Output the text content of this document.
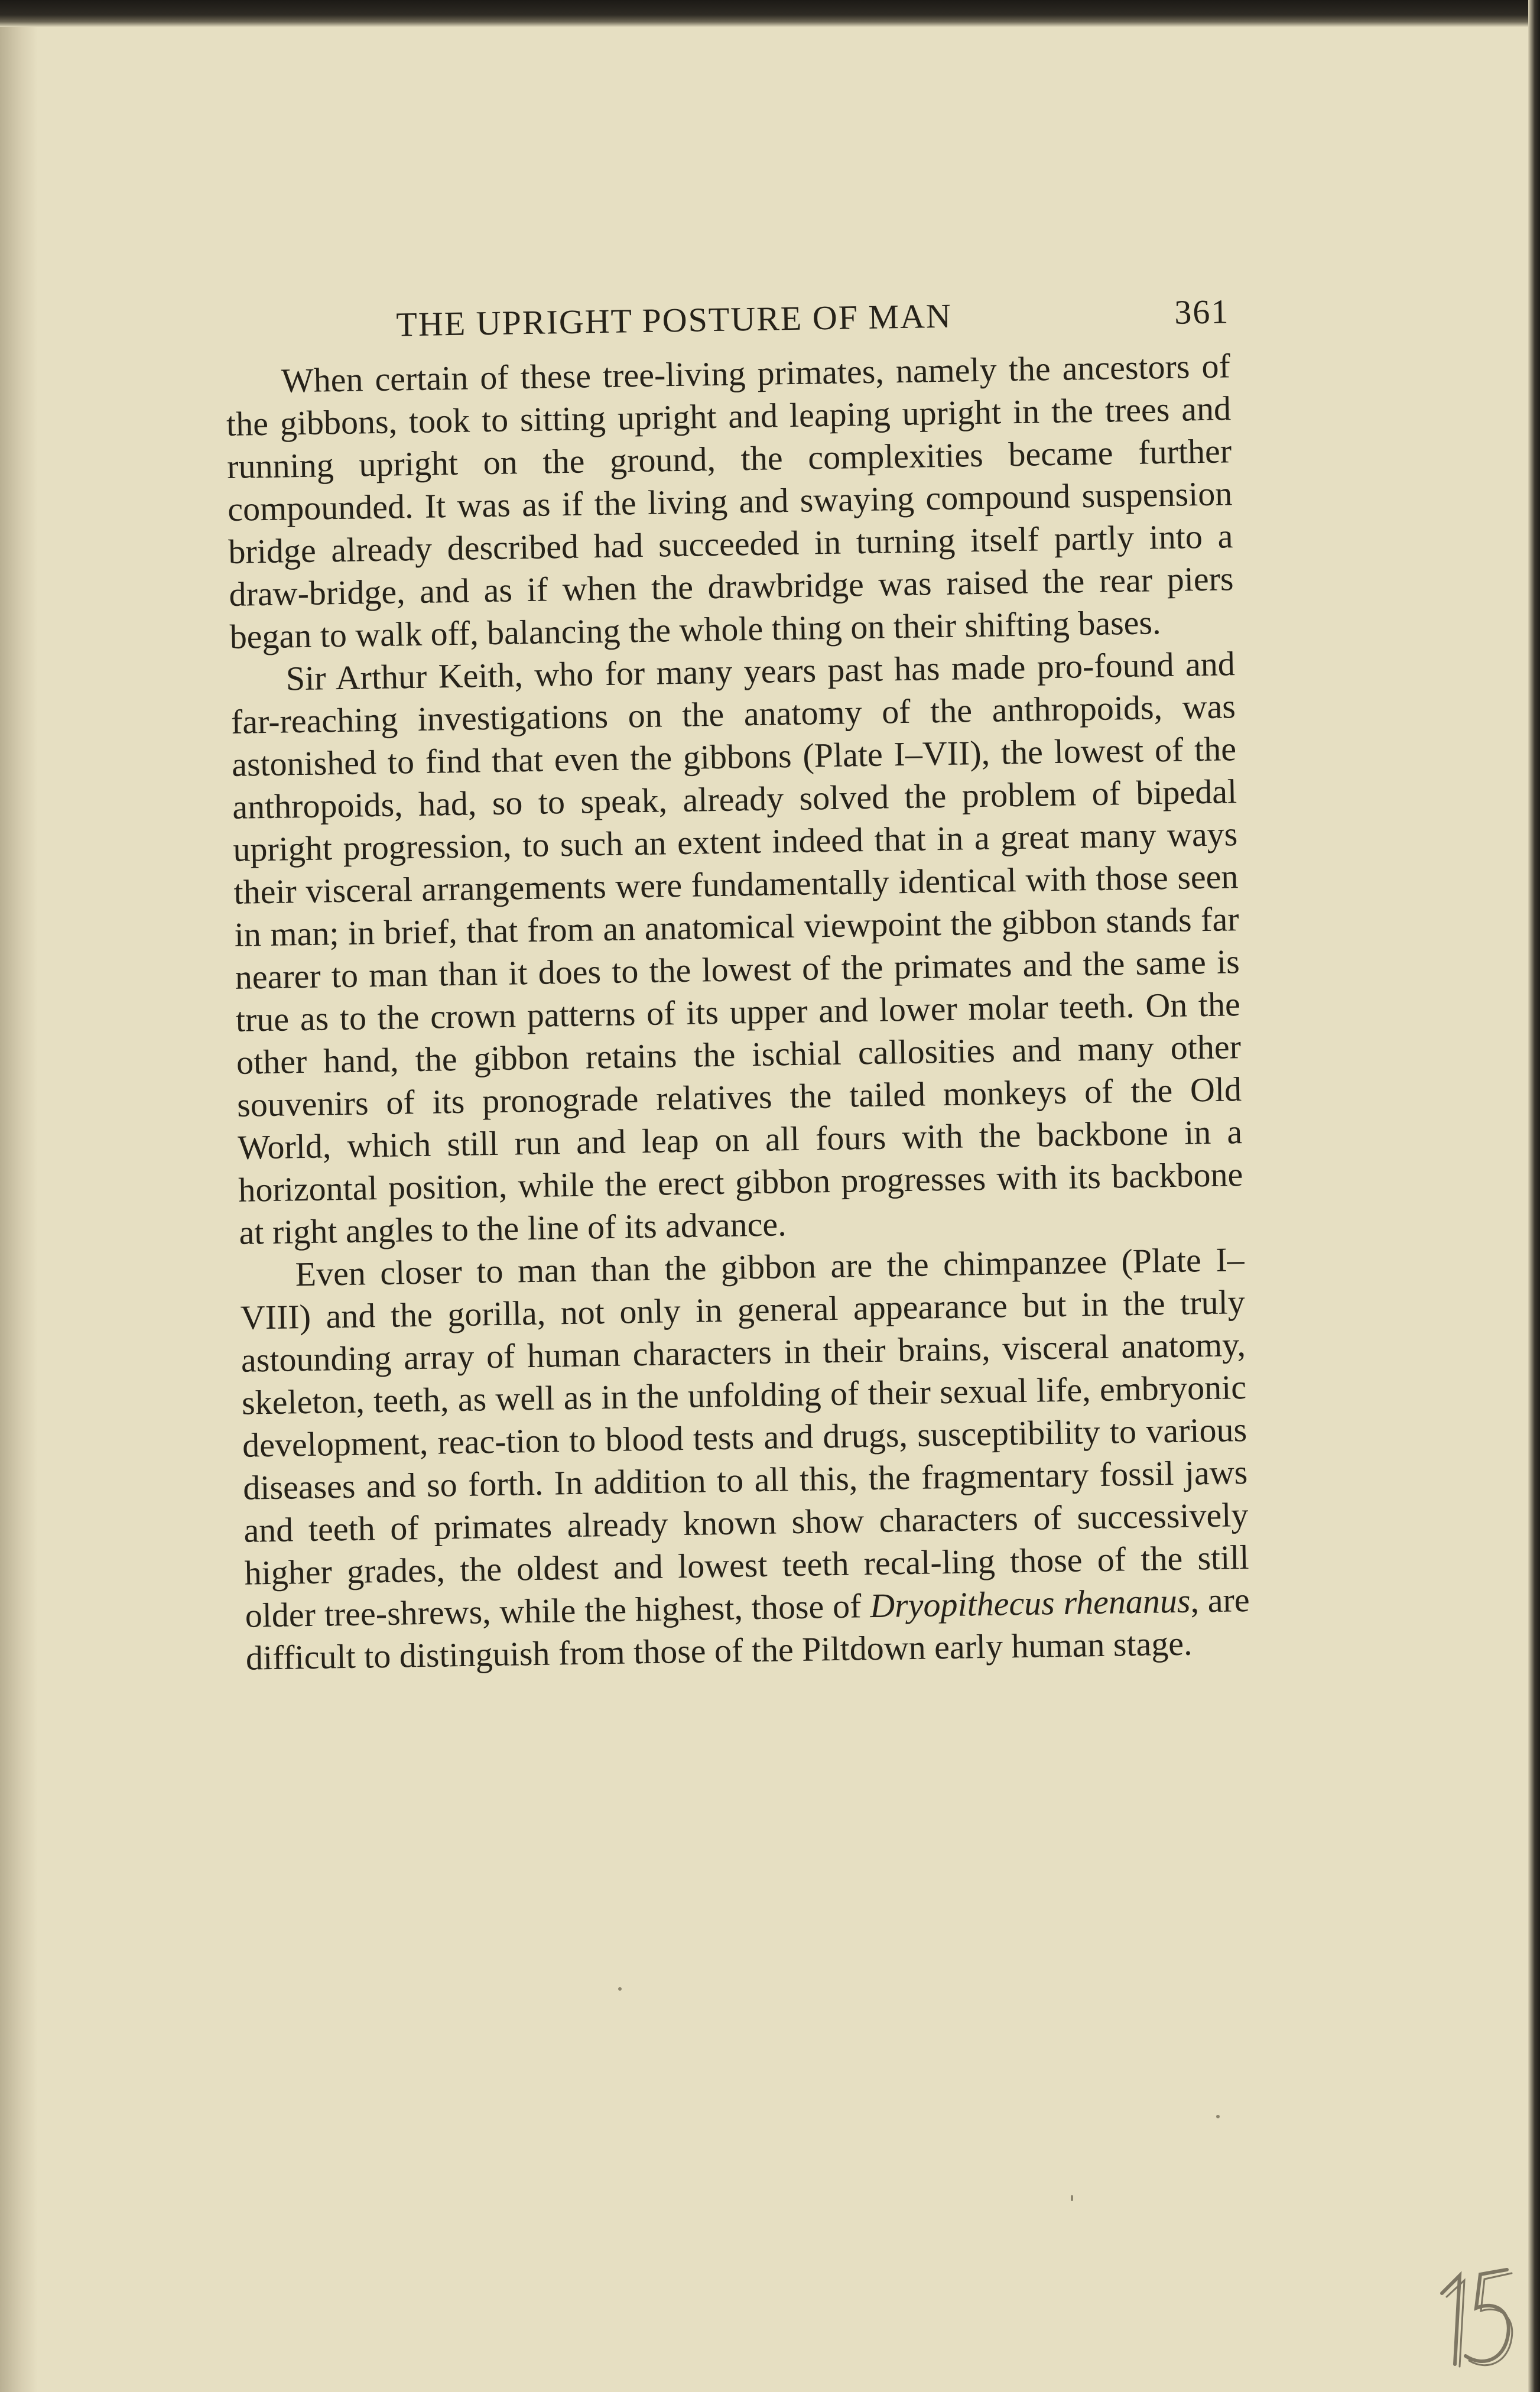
THE UPRIGHT POSTURE OF MAN	361

When certain of these tree-living primates, namely the ancestors of the gibbons, took to sitting upright and leaping upright in the trees and running upright on the ground, the complexities became further compounded. It was as if the living and swaying compound suspension bridge already described had succeeded in turning itself partly into a draw-bridge, and as if when the drawbridge was raised the rear piers began to walk off, balancing the whole thing on their shifting bases.

Sir Arthur Keith, who for many years past has made pro-found and far-reaching investigations on the anatomy of the anthropoids, was astonished to find that even the gibbons (Plate I–VII), the lowest of the anthropoids, had, so to speak, already solved the problem of bipedal upright progression, to such an extent indeed that in a great many ways their visceral arrangements were fundamentally identical with those seen in man; in brief, that from an anatomical viewpoint the gibbon stands far nearer to man than it does to the lowest of the primates and the same is true as to the crown patterns of its upper and lower molar teeth. On the other hand, the gibbon retains the ischial callosities and many other souvenirs of its pronograde relatives the tailed monkeys of the Old World, which still run and leap on all fours with the backbone in a horizontal position, while the erect gibbon progresses with its backbone at right angles to the line of its advance.

Even closer to man than the gibbon are the chimpanzee (Plate I–VIII) and the gorilla, not only in general appearance but in the truly astounding array of human characters in their brains, visceral anatomy, skeleton, teeth, as well as in the unfolding of their sexual life, embryonic development, reac-tion to blood tests and drugs, susceptibility to various diseases and so forth. In addition to all this, the fragmentary fossil jaws and teeth of primates already known show characters of successively higher grades, the oldest and lowest teeth recal-ling those of the still older tree-shrews, while the highest, those of Dryopithecus rhenanus, are difficult to distinguish from those of the Piltdown early human stage.
